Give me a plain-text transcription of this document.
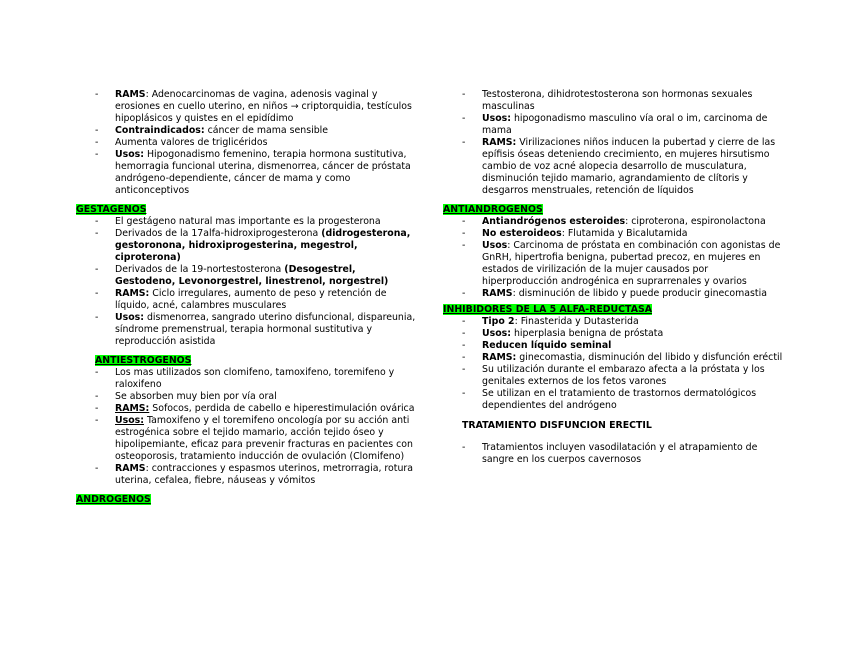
- RAMS: Adenocarcinomas de vagina, adenosis vaginal y erosiones en cuello uterino, en niños → criptorquidia, testículos hipoplásicos y quistes en el epidídimo
- Contraindicados: cáncer de mama sensible
- Aumenta valores de triglicéridos
- Usos: Hipogonadismo femenino, terapia hormona sustitutiva, hemorragia funcional uterina, dismenorrea, cáncer de próstata andrógeno-dependiente, cáncer de mama y como anticonceptivos

GESTAGENOS

- El gestágeno natural mas importante es la progesterona
- Derivados de la 17alfa-hidroxiprogesterona (didrogesterona, gestoronona, hidroxiprogesterina, megestrol, ciproterona)
- Derivados de la 19-nortestosterona (Desogestrel, Gestodeno, Levonorgestrel, linestrenol, norgestrel)
- RAMS: Ciclo irregulares, aumento de peso y retención de líquido, acné, calambres musculares
- Usos: dismenorrea, sangrado uterino disfuncional, dispareunia, síndrome premenstrual, terapia hormonal sustitutiva y reproducción asistida

ANTIESTROGENOS

- Los mas utilizados son clomifeno, tamoxifeno, toremifeno y raloxifeno
- Se absorben muy bien por vía oral
- RAMS: Sofocos, perdida de cabello e hiperestimulación ovárica
- Usos: Tamoxifeno y el toremifeno oncología por su acción anti estrogénica sobre el tejido mamario, acción tejido óseo y hipolipemiante, eficaz para prevenir fracturas en pacientes con osteoporosis, tratamiento inducción de ovulación (Clomifeno)
- RAMS: contracciones y espasmos uterinos, metrorragia, rotura uterina, cefalea, fiebre, náuseas y vómitos

ANDROGENOS

- Testosterona, dihidrotestosterona son hormonas sexuales masculinas
- Usos: hipogonadismo masculino vía oral o im, carcinoma de mama
- RAMS: Virilizaciones niños inducen la pubertad y cierre de las epífisis óseas deteniendo crecimiento, en mujeres hirsutismo cambio de voz acné alopecia desarrollo de musculatura, disminución tejido mamario, agrandamiento de clítoris y desgarros menstruales, retención de líquidos

ANTIANDROGENOS

- Antiandrógenos esteroides: ciproterona, espironolactona
- No esteroideos: Flutamida y Bicalutamida
- Usos: Carcinoma de próstata en combinación con agonistas de GnRH, hipertrofia benigna, pubertad precoz, en mujeres en estados de virilización de la mujer causados por hiperproducción androgénica en suprarrenales y ovarios
- RAMS: disminución de libido y puede producir ginecomastia

INHIBIDORES DE LA 5 ALFA-REDUCTASA

- Tipo 2: Finasterida y Dutasterida
- Usos: hiperplasia benigna de próstata
- Reducen líquido seminal
- RAMS: ginecomastia, disminución del libido y disfunción eréctil
- Su utilización durante el embarazo afecta a la próstata y los genitales externos de los fetos varones
- Se utilizan en el tratamiento de trastornos dermatológicos dependientes del andrógeno

TRATAMIENTO DISFUNCION ERECTIL

- Tratamientos incluyen vasodilatación y el atrapamiento de sangre en los cuerpos cavernosos
